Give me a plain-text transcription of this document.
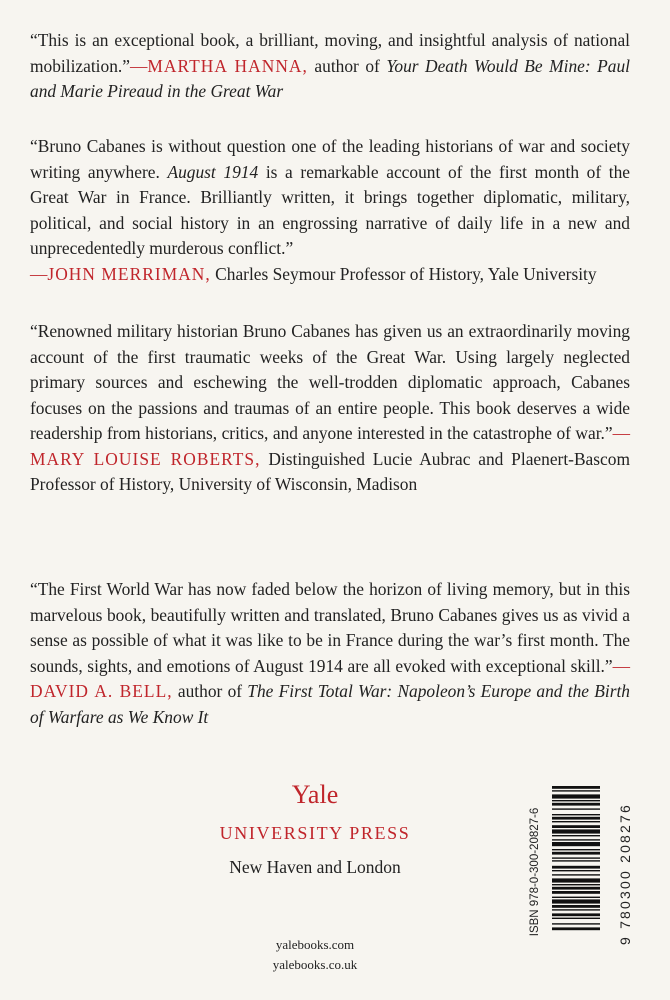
“This is an exceptional book, a brilliant, moving, and insightful analysis of national mobilization.”—MARTHA HANNA, author of Your Death Would Be Mine: Paul and Marie Pireaud in the Great War

“Bruno Cabanes is without question one of the leading historians of war and society writing anywhere. August 1914 is a remarkable account of the first month of the Great War in France. Brilliantly written, it brings together diplomatic, military, political, and social history in an engrossing narrative of daily life in a new and unprecedentedly murderous conflict.”
—JOHN MERRIMAN, Charles Seymour Professor of History, Yale University

“Renowned military historian Bruno Cabanes has given us an extraordinarily moving account of the first traumatic weeks of the Great War. Using largely neglected primary sources and eschewing the well-trodden diplomatic approach, Cabanes focuses on the passions and traumas of an entire people. This book deserves a wide readership from historians, critics, and anyone interested in the catastrophe of war.”—MARY LOUISE ROBERTS, Distinguished Lucie Aubrac and Plaenert-Bascom Professor of History, University of Wisconsin, Madison

“The First World War has now faded below the horizon of living memory, but in this marvelous book, beautifully written and translated, Bruno Cabanes gives us as vivid a sense as possible of what it was like to be in France during the war’s first month. The sounds, sights, and emotions of August 1914 are all evoked with exceptional skill.”—DAVID A. BELL, author of The First Total War: Napoleon’s Europe and the Birth of Warfare as We Know It

Yale
UNIVERSITY PRESS
New Haven and London
yalebooks.com
yalebooks.co.uk
ISBN 978-0-300-20827-6	9 780300 208276
